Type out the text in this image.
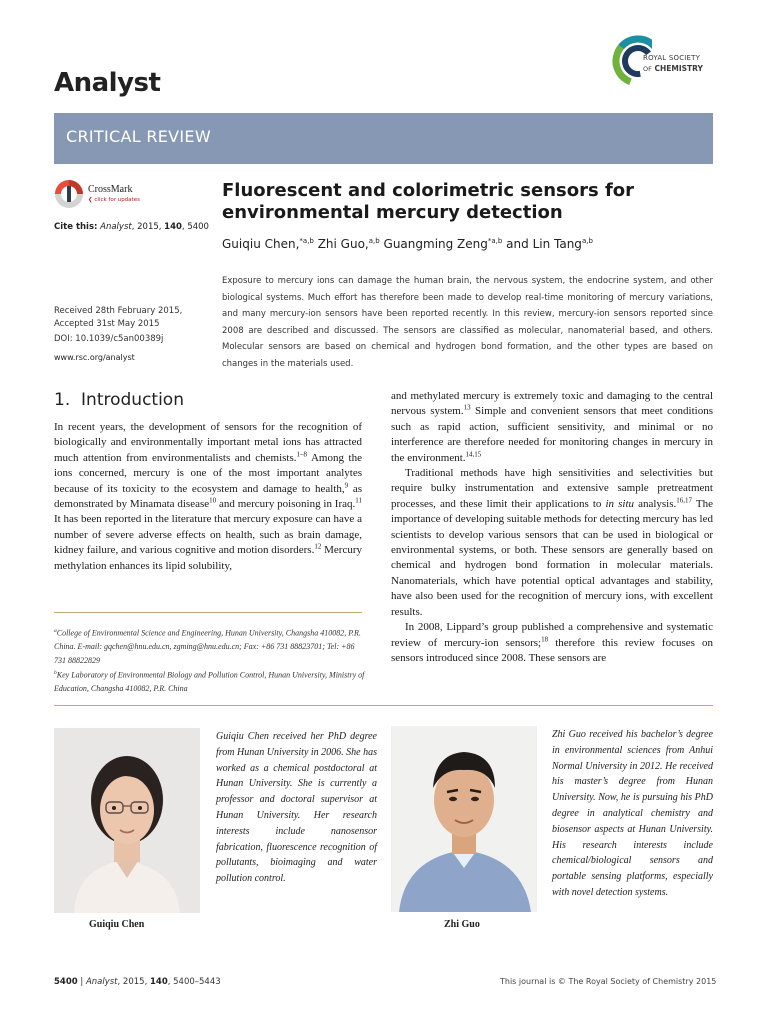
Analyst
ROYAL SOCIETY
OF CHEMISTRY
CRITICAL REVIEW
CrossMark
❮ click for updates
Cite this: Analyst, 2015, 140, 5400
Received 28th February 2015,
Accepted 31st May 2015
DOI: 10.1039/c5an00389j
www.rsc.org/analyst
Fluorescent and colorimetric sensors for
environmental mercury detection
Guiqiu Chen,$^{*a,b}$ Zhi Guo,$^{a,b}$ Guangming Zeng$^{*a,b}$ and Lin Tang$^{a,b}$
Exposure to mercury ions can damage the human brain, the nervous system, the endocrine system, and other biological systems. Much effort has therefore been made to develop real-time monitoring of mercury variations, and many mercury-ion sensors have been reported recently. In this review, mercury-ion sensors reported since 2008 are described and discussed. The sensors are classified as molecular, nanomaterial based, and others. Molecular sensors are based on chemical and hydrogen bond formation, and the other types are based on changes in the materials used.
1.  Introduction

In recent years, the development of sensors for the recognition of biologically and environmentally important metal ions has attracted much attention from environmentalists and chemists.$^{1-8}$ Among the ions concerned, mercury is one of the most important analytes because of its toxicity to the ecosystem and damage to health,$^9$ as demonstrated by Minamata disease$^{10}$ and mercury poisoning in Iraq.$^{11}$ It has been reported in the literature that mercury exposure can have a number of severe adverse effects on health, such as brain damage, kidney failure, and various cognitive and motion disorders.$^{12}$ Mercury methylation enhances its lipid solubility,

and methylated mercury is extremely toxic and damaging to the central nervous system.$^{13}$ Simple and convenient sensors that meet conditions such as rapid action, sufficient sensitivity, and minimal or no interference are therefore needed for monitoring changes in mercury in the environment.$^{14,15}$

Traditional methods have high sensitivities and selectivities but require bulky instrumentation and extensive sample pretreatment processes, and these limit their applications to in situ analysis.$^{16,17}$ The importance of developing suitable methods for detecting mercury has led scientists to develop various sensors that can be used in biological or environmental systems, or both. These sensors are generally based on chemical and hydrogen bond formation in molecular materials. Nanomaterials, which have potential optical advantages and stability, have also been used for the recognition of mercury ions, with excellent results.

In 2008, Lippard’s group published a comprehensive and systematic review of mercury-ion sensors;$^{18}$ therefore this review focuses on sensors introduced since 2008. These sensors are

$^a$College of Environmental Science and Engineering, Hunan University, Changsha 410082, P.R. China. E-mail: gqchen@hnu.edu.cn, zgming@hnu.edu.cn; Fax: +86 731 88823701; Tel: +86 731 88822829
$^b$Key Laboratory of Environmental Biology and Pollution Control, Hunan University, Ministry of Education, Changsha 410082, P.R. China
Guiqiu Chen
Guiqiu Chen received her PhD degree from Hunan University in 2006. She has worked as a chemical postdoctoral at Hunan University. She is currently a professor and doctoral supervisor at Hunan University. Her research interests include nanosensor fabrication, fluorescence recognition of pollutants, bioimaging and water pollution control.
Zhi Guo
Zhi Guo received his bachelor’s degree in environmental sciences from Anhui Normal University in 2012. He received his master’s degree from Hunan University. Now, he is pursuing his PhD degree in analytical chemistry and biosensor aspects at Hunan University. His research interests include chemical/biological sensors and portable sensing platforms, especially with novel detection systems.
5400 | Analyst, 2015, 140, 5400–5443	This journal is © The Royal Society of Chemistry 2015
